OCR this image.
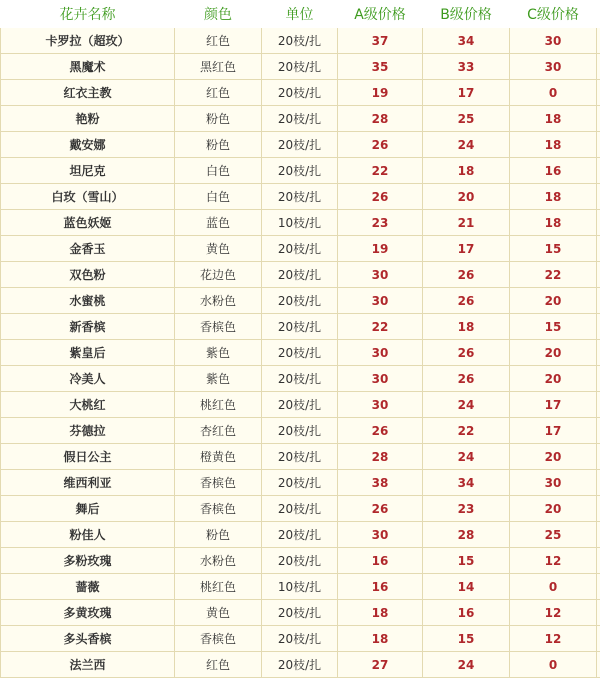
花卉名称	颜色	单位	A级价格	B级价格	C级价格	
卡罗拉（超玫）	红色	20枝/扎	37	34	30	
黑魔术	黑红色	20枝/扎	35	33	30	
红衣主教	红色	20枝/扎	19	17	0	
艳粉	粉色	20枝/扎	28	25	18	
戴安娜	粉色	20枝/扎	26	24	18	
坦尼克	白色	20枝/扎	22	18	16	
白玫（雪山）	白色	20枝/扎	26	20	18	
蓝色妖姬	蓝色	10枝/扎	23	21	18	
金香玉	黄色	20枝/扎	19	17	15	
双色粉	花边色	20枝/扎	30	26	22	
水蜜桃	水粉色	20枝/扎	30	26	20	
新香槟	香槟色	20枝/扎	22	18	15	
紫皇后	紫色	20枝/扎	30	26	20	
冷美人	紫色	20枝/扎	30	26	20	
大桃红	桃红色	20枝/扎	30	24	17	
芬德拉	杏红色	20枝/扎	26	22	17	
假日公主	橙黄色	20枝/扎	28	24	20	
维西利亚	香槟色	20枝/扎	38	34	30	
舞后	香槟色	20枝/扎	26	23	20	
粉佳人	粉色	20枝/扎	30	28	25	
多粉玫瑰	水粉色	20枝/扎	16	15	12	
蔷薇	桃红色	10枝/扎	16	14	0	
多黄玫瑰	黄色	20枝/扎	18	16	12	
多头香槟	香槟色	20枝/扎	18	15	12	
法兰西	红色	20枝/扎	27	24	0	
